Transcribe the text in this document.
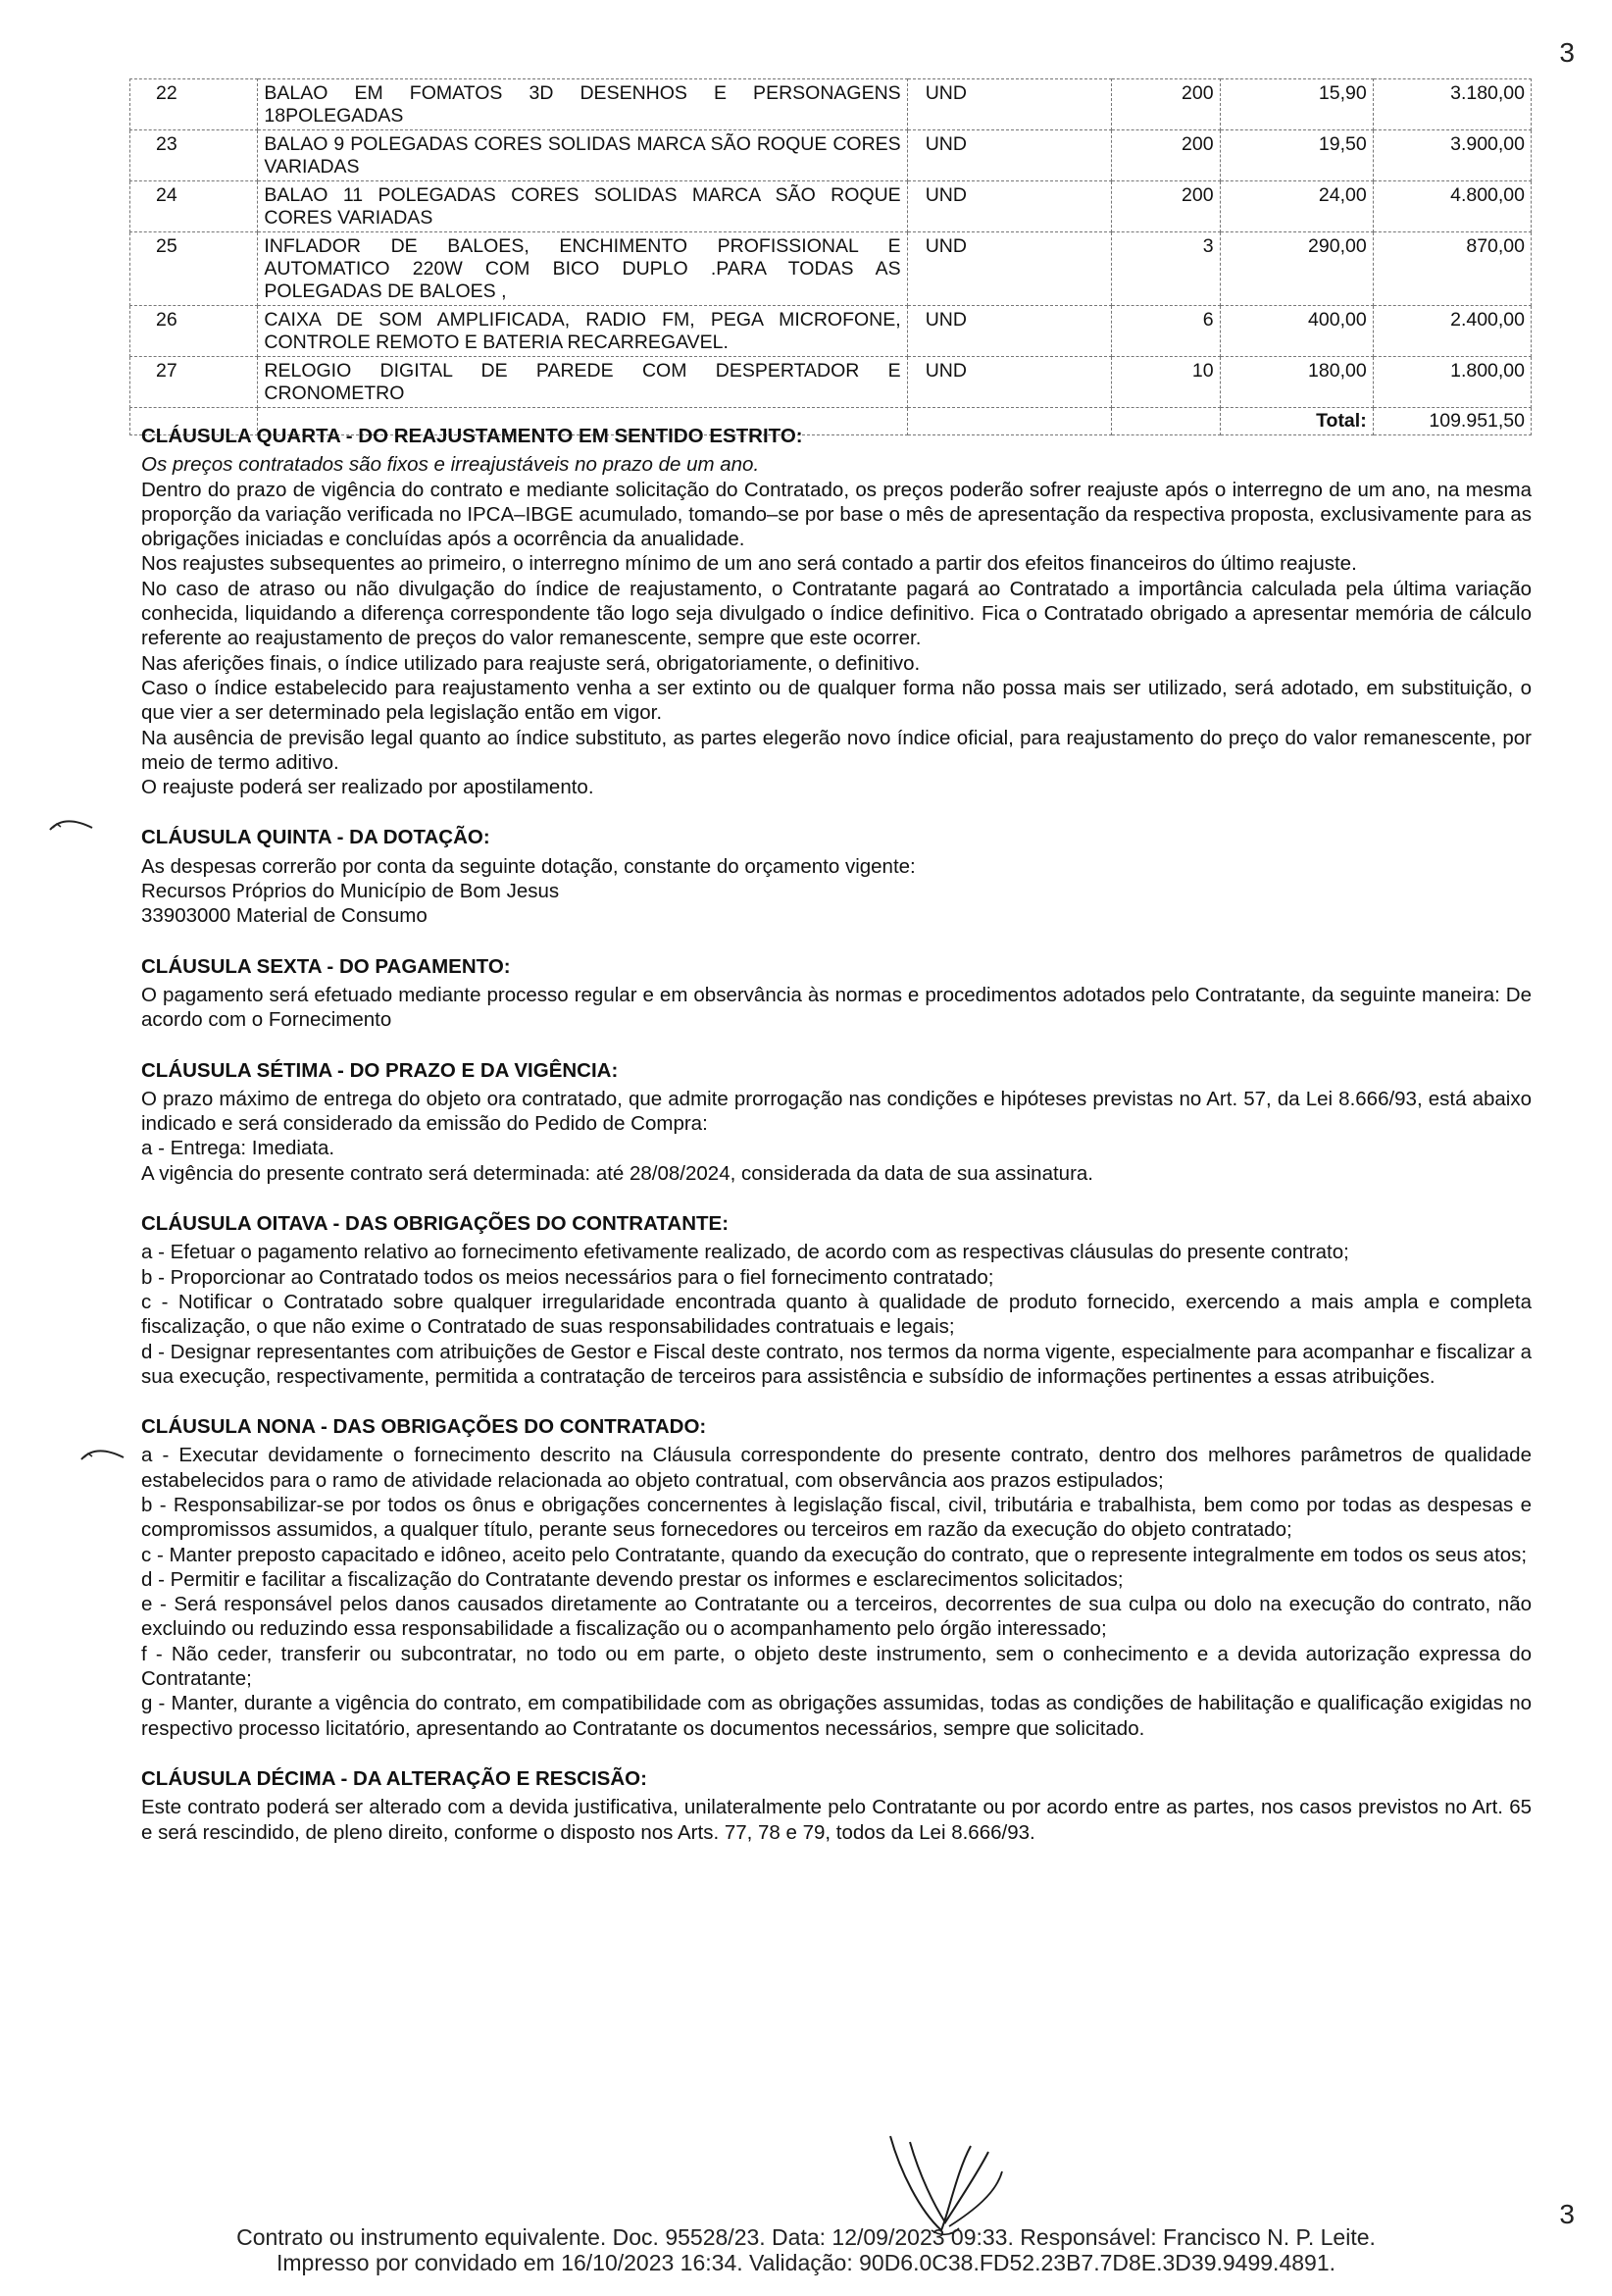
3
22	BALAO EM FOMATOS 3D DESENHOS E PERSONAGENS 18POLEGADAS	UND	200	15,90	3.180,00
23	BALAO 9 POLEGADAS CORES SOLIDAS MARCA SÃO ROQUE CORES VARIADAS	UND	200	19,50	3.900,00
24	BALAO 11 POLEGADAS CORES SOLIDAS MARCA SÃO ROQUE CORES VARIADAS	UND	200	24,00	4.800,00
25	INFLADOR DE BALOES, ENCHIMENTO PROFISSIONAL E AUTOMATICO 220W COM BICO DUPLO .PARA TODAS AS POLEGADAS DE BALOES ,	UND	3	290,00	870,00
26	CAIXA DE SOM AMPLIFICADA, RADIO FM, PEGA MICROFONE, CONTROLE REMOTO E BATERIA RECARREGAVEL.	UND	6	400,00	2.400,00
27	RELOGIO DIGITAL DE PAREDE COM DESPERTADOR E CRONOMETRO	UND	10	180,00	1.800,00
				Total:	109.951,50
CLÁUSULA QUARTA - DO REAJUSTAMENTO EM SENTIDO ESTRITO:

Os preços contratados são fixos e irreajustáveis no prazo de um ano.

Dentro do prazo de vigência do contrato e mediante solicitação do Contratado, os preços poderão sofrer reajuste após o interregno de um ano, na mesma proporção da variação verificada no IPCA–IBGE acumulado, tomando–se por base o mês de apresentação da respectiva proposta, exclusivamente para as obrigações iniciadas e concluídas após a ocorrência da anualidade.

Nos reajustes subsequentes ao primeiro, o interregno mínimo de um ano será contado a partir dos efeitos financeiros do último reajuste.

No caso de atraso ou não divulgação do índice de reajustamento, o Contratante pagará ao Contratado a importância calculada pela última variação conhecida, liquidando a diferença correspondente tão logo seja divulgado o índice definitivo. Fica o Contratado obrigado a apresentar memória de cálculo referente ao reajustamento de preços do valor remanescente, sempre que este ocorrer.

Nas aferições finais, o índice utilizado para reajuste será, obrigatoriamente, o definitivo.

Caso o índice estabelecido para reajustamento venha a ser extinto ou de qualquer forma não possa mais ser utilizado, será adotado, em substituição, o que vier a ser determinado pela legislação então em vigor.

Na ausência de previsão legal quanto ao índice substituto, as partes elegerão novo índice oficial, para reajustamento do preço do valor remanescente, por meio de termo aditivo.

O reajuste poderá ser realizado por apostilamento.

CLÁUSULA QUINTA - DA DOTAÇÃO:

As despesas correrão por conta da seguinte dotação, constante do orçamento vigente:

Recursos Próprios do Município de Bom Jesus

33903000 Material de Consumo

CLÁUSULA SEXTA - DO PAGAMENTO:

O pagamento será efetuado mediante processo regular e em observância às normas e procedimentos adotados pelo Contratante, da seguinte maneira: De acordo com o Fornecimento

CLÁUSULA SÉTIMA - DO PRAZO E DA VIGÊNCIA:

O prazo máximo de entrega do objeto ora contratado, que admite prorrogação nas condições e hipóteses previstas no Art. 57, da Lei 8.666/93, está abaixo indicado e será considerado da emissão do Pedido de Compra:

a - Entrega: Imediata.

A vigência do presente contrato será determinada: até 28/08/2024, considerada da data de sua assinatura.

CLÁUSULA OITAVA - DAS OBRIGAÇÕES DO CONTRATANTE:

a - Efetuar o pagamento relativo ao fornecimento efetivamente realizado, de acordo com as respectivas cláusulas do presente contrato;

b - Proporcionar ao Contratado todos os meios necessários para o fiel fornecimento contratado;

c - Notificar o Contratado sobre qualquer irregularidade encontrada quanto à qualidade de produto fornecido, exercendo a mais ampla e completa fiscalização, o que não exime o Contratado de suas responsabilidades contratuais e legais;

d - Designar representantes com atribuições de Gestor e Fiscal deste contrato, nos termos da norma vigente, especialmente para acompanhar e fiscalizar a sua execução, respectivamente, permitida a contratação de terceiros para assistência e subsídio de informações pertinentes a essas atribuições.

CLÁUSULA NONA - DAS OBRIGAÇÕES DO CONTRATADO:

a - Executar devidamente o fornecimento descrito na Cláusula correspondente do presente contrato, dentro dos melhores parâmetros de qualidade estabelecidos para o ramo de atividade relacionada ao objeto contratual, com observância aos prazos estipulados;

b - Responsabilizar-se por todos os ônus e obrigações concernentes à legislação fiscal, civil, tributária e trabalhista, bem como por todas as despesas e compromissos assumidos, a qualquer título, perante seus fornecedores ou terceiros em razão da execução do objeto contratado;

c - Manter preposto capacitado e idôneo, aceito pelo Contratante, quando da execução do contrato, que o represente integralmente em todos os seus atos;

d - Permitir e facilitar a fiscalização do Contratante devendo prestar os informes e esclarecimentos solicitados;

e - Será responsável pelos danos causados diretamente ao Contratante ou a terceiros, decorrentes de sua culpa ou dolo na execução do contrato, não excluindo ou reduzindo essa responsabilidade a fiscalização ou o acompanhamento pelo órgão interessado;

f - Não ceder, transferir ou subcontratar, no todo ou em parte, o objeto deste instrumento, sem o conhecimento e a devida autorização expressa do Contratante;

g - Manter, durante a vigência do contrato, em compatibilidade com as obrigações assumidas, todas as condições de habilitação e qualificação exigidas no respectivo processo licitatório, apresentando ao Contratante os documentos necessários, sempre que solicitado.

CLÁUSULA DÉCIMA - DA ALTERAÇÃO E RESCISÃO:

Este contrato poderá ser alterado com a devida justificativa, unilateralmente pelo Contratante ou por acordo entre as partes, nos casos previstos no Art. 65 e será rescindido, de pleno direito, conforme o disposto nos Arts. 77, 78 e 79, todos da Lei 8.666/93.

3
Contrato ou instrumento equivalente. Doc. 95528/23. Data: 12/09/2023 09:33. Responsável: Francisco N. P. Leite.
Impresso por convidado em 16/10/2023 16:34. Validação: 90D6.0C38.FD52.23B7.7D8E.3D39.9499.4891.
